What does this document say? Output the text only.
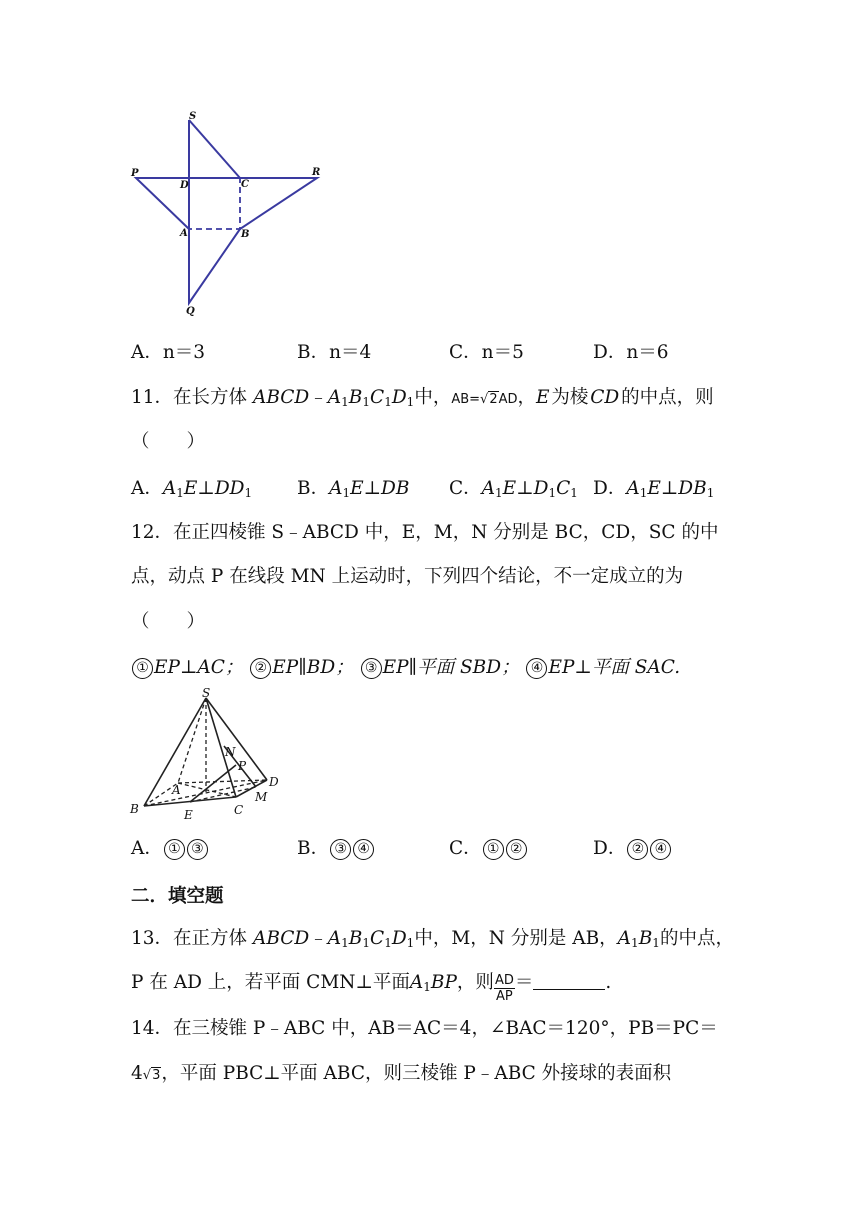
S
P
D	C
R
A	B
Q
A．n＝3	B．n＝4	C．n＝5	D．n＝6
11．在长方体 $ABCD﹣A_1B_1C_1D_1$中，AB=√2AD，E 为棱 CD 的中点，则
（　　）
A．$A_1E\perp DD_1$ B．$A_1E\perp DB$ C．$A_1E\perp D_1C_1$ D．$A_1E\perp DB_1$
12．在正四棱锥 S﹣ABCD 中，E，M，N 分别是 BC，CD，SC 的中
点，动点 P 在线段 MN 上运动时，下列四个结论，不一定成立的为
（　　）
① EP⊥AC； ② EP∥BD； ③ EP∥平面 SBD； ④ EP⊥平面 SAC.
S
N
P
D
A
B
M
E	C
A． ① ③	B． ③ ④	C． ① ②	D． ② ④
二．填空题
13．在正方体 $ABCD﹣A_1B_1C_1D_1$中，M，N 分别是 AB，$A_1B_1$的中点，
P 在 AD 上，若平面 CMN⊥平面$A_1BP$，则 $\frac{AD}{AP}$ ＝	.
14．在三棱锥 P﹣ABC 中，AB＝AC＝4，∠BAC＝120°，PB＝PC＝
4√3，平面 PBC⊥平面 ABC，则三棱锥 P﹣ABC 外接球的表面积
